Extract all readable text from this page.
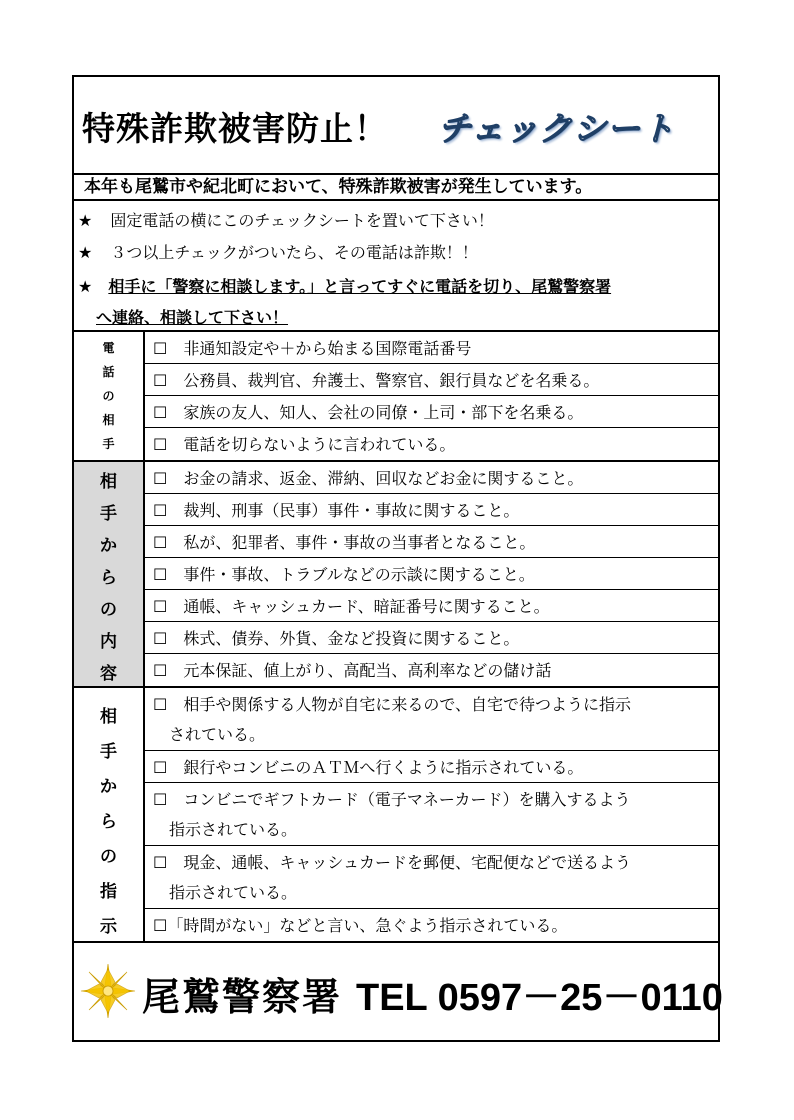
特殊詐欺被害防止！ チェックシート
本年も尾鷲市や紀北町において、特殊詐欺被害が発生しています。
★ 固定電話の横にこのチェックシートを置いて下さい！
★ ３つ以上チェックがついたら、その電話は詐欺！！
★ 相手に「警察に相談します。」と言ってすぐに電話を切り、尾鷲警察署
へ連絡、相談して下さい！
電
話
の
相
手
☐　 非通知設定や＋から始まる国際電話番号
☐　 公務員、裁判官、弁護士、警察官、銀行員などを名乗る。
☐　 家族の友人、知人、会社の同僚・上司・部下を名乗る。
☐　 電話を切らないように言われている。
相
手
か
ら
の
内
容
☐　 お金の請求、返金、滞納、回収などお金に関すること。
☐　 裁判、刑事（民事）事件・事故に関すること。
☐　 私が、犯罪者、事件・事故の当事者となること。
☐　 事件・事故、トラブルなどの示談に関すること。
☐　 通帳、キャッシュカード、暗証番号に関すること。
☐　 株式、債券、外貨、金など投資に関すること。
☐　 元本保証、値上がり、高配当、高利率などの儲け話
相
手
か
ら
の
指
示
☐　 相手や関係する人物が自宅に来るので、自宅で待つように指示
されている。
☐　 銀行やコンビニのＡＴＭへ行くように指示されている。
☐　 コンビニでギフトカード（電子マネーカード）を購入するよう
指示されている。
☐　 現金、通帳、キャッシュカードを郵便、宅配便などで送るよう
指示されている。
☐「時間がない」などと言い、急ぐよう指示されている。
尾鷲警察署 TEL 0597－25－0110
